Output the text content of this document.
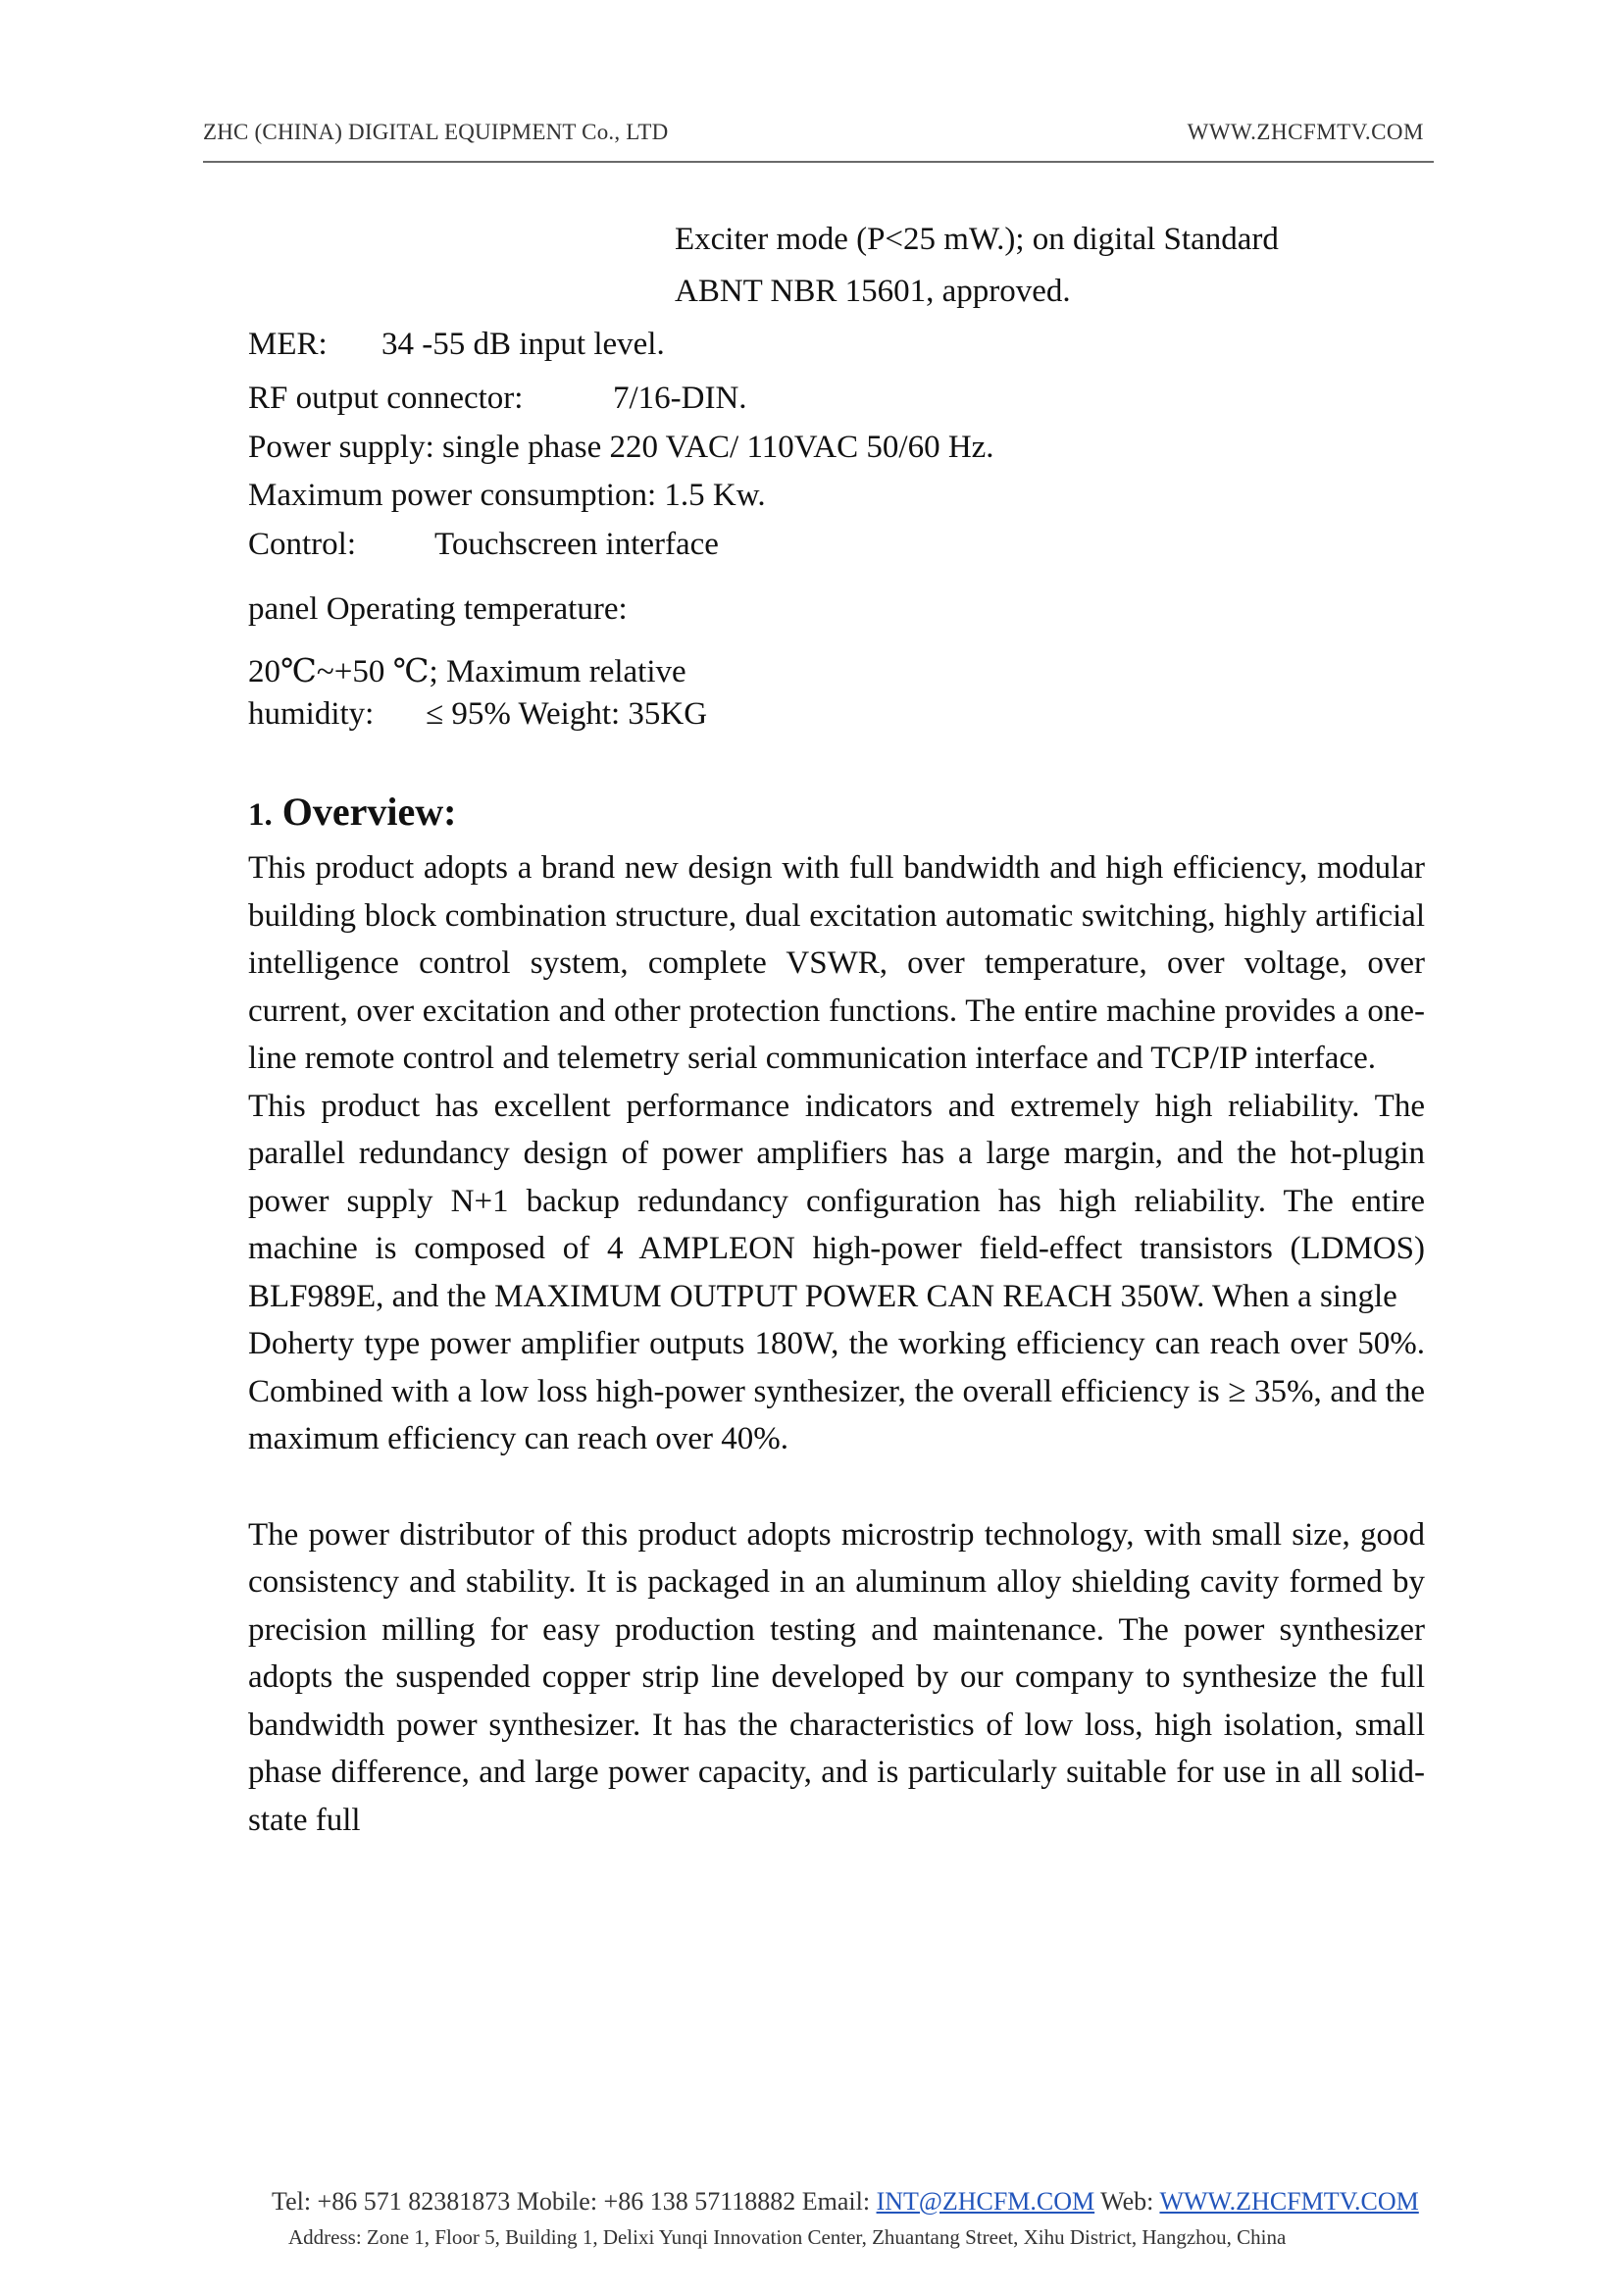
ZHC (CHINA) DIGITAL EQUIPMENT Co., LTD	WWW.ZHCFMTV.COM
Exciter mode (P<25 mW.); on digital Standard
ABNT NBR 15601, approved.
MER: 34 -55 dB input level.
RF output connector:	7/16-DIN.
Power supply: single phase 220 VAC/ 110VAC 50/60 Hz.
Maximum power consumption: 1.5 Kw.
Control: Touchscreen interface
panel Operating temperature:
20℃~+50 ℃; Maximum relative
humidity: ≤ 95% Weight: 35KG
1. Overview:

This product adopts a brand new design with full bandwidth and high efficiency, modular building block combination structure, dual excitation automatic switching, highly artificial intelligence control system, complete VSWR, over temperature, over voltage, over current, over excitation and other protection functions. The entire machine provides a one-line remote control and telemetry serial communication interface and TCP/IP interface.

This product has excellent performance indicators and extremely high reliability. The parallel redundancy design of power amplifiers has a large margin, and the hot-plugin power supply N+1 backup redundancy configuration has high reliability. The entire machine is composed of 4 AMPLEON high-power field-effect transistors (LDMOS) BLF989E, and the MAXIMUM OUTPUT POWER CAN REACH 350W. When a single

Doherty type power amplifier outputs 180W, the working efficiency can reach over 50%. Combined with a low loss high-power synthesizer, the overall efficiency is ≥ 35%, and the maximum efficiency can reach over 40%.

The power distributor of this product adopts microstrip technology, with small size, good consistency and stability. It is packaged in an aluminum alloy shielding cavity formed by precision milling for easy production testing and maintenance. The power synthesizer adopts the suspended copper strip line developed by our company to synthesize the full bandwidth power synthesizer. It has the characteristics of low loss, high isolation, small phase difference, and large power capacity, and is particularly suitable for use in all solid-state full

Tel: +86 571 82381873 Mobile: +86 138 57118882 Email: INT@ZHCFM.COM Web: WWW.ZHCFMTV.COM
Address: Zone 1, Floor 5, Building 1, Delixi Yunqi Innovation Center, Zhuantang Street, Xihu District, Hangzhou, China
